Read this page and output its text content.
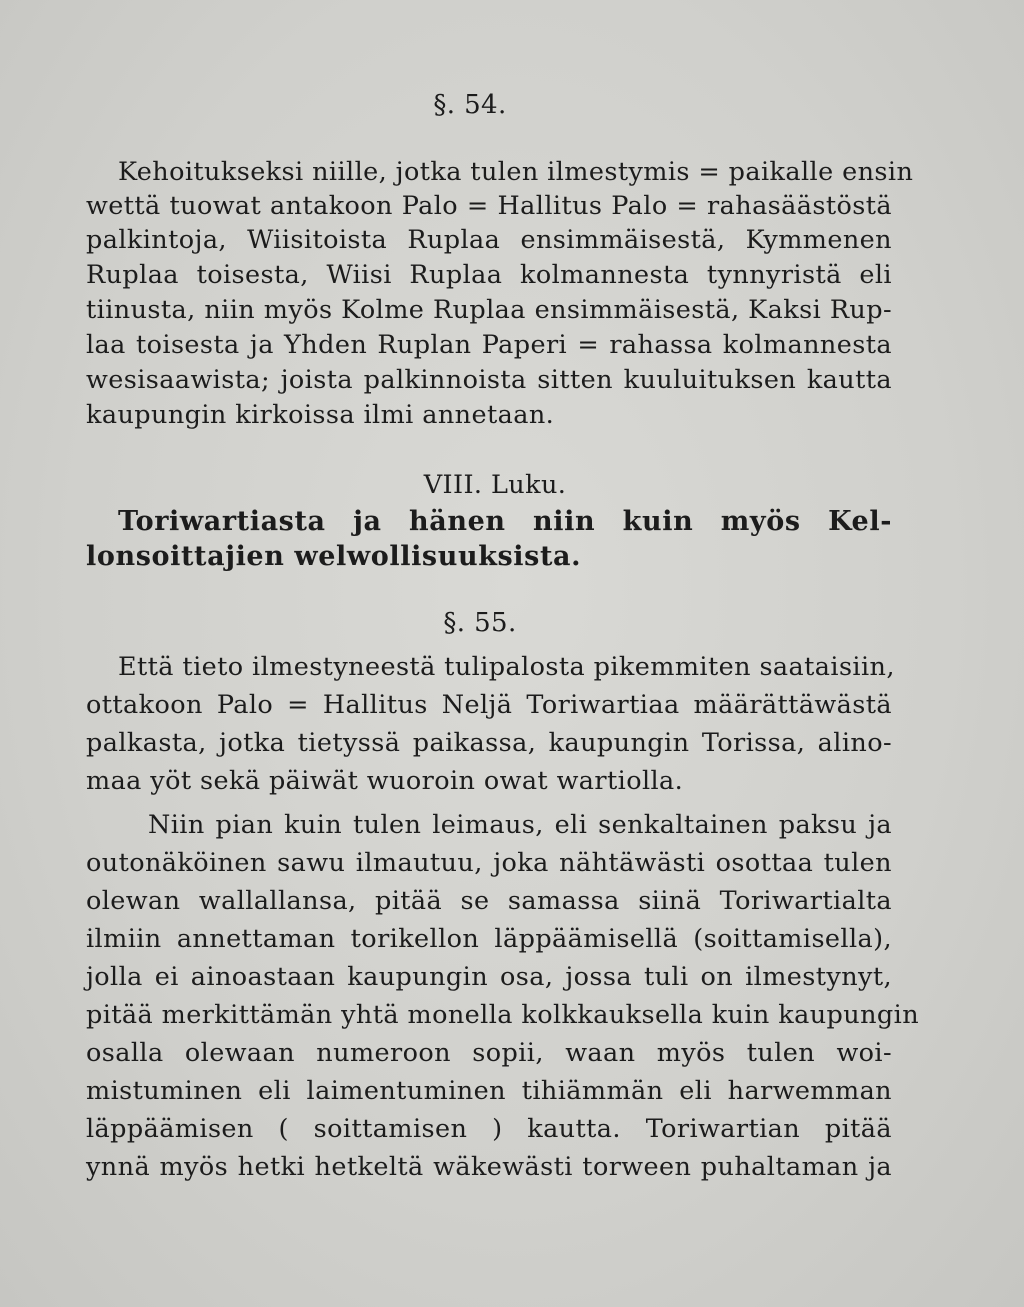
§. 54.
Kehoitukseksi niille, jotka tulen ilmestymis = paikalle ensin
wettä tuowat antakoon Palo = Hallitus Palo = rahasäästöstä
palkintoja, Wiisitoista Ruplaa ensimmäisestä, Kymmenen
Ruplaa toisesta, Wiisi Ruplaa kolmannesta tynnyristä eli
tiinusta, niin myös Kolme Ruplaa ensimmäisestä, Kaksi Rup-
laa toisesta ja Yhden Ruplan Paperi = rahassa kolmannesta
wesisaawista; joista palkinnoista sitten kuuluituksen kautta
kaupungin kirkoissa ilmi annetaan.
VIII. Luku.
Toriwartiasta ja hänen niin kuin myös Kel-
lonsoittajien welwollisuuksista.
§. 55.
Että tieto ilmestyneestä tulipalosta pikemmiten saataisiin,
ottakoon Palo = Hallitus Neljä Toriwartiaa määrättäwästä
palkasta, jotka tietyssä paikassa, kaupungin Torissa, alino-
maa yöt sekä päiwät wuoroin owat wartiolla.
Niin pian kuin tulen leimaus, eli senkaltainen paksu ja
outonäköinen sawu ilmautuu, joka nähtäwästi osottaa tulen
olewan wallallansa, pitää se samassa siinä Toriwartialta
ilmiin annettaman torikellon läppäämisellä (soittamisella),
jolla ei ainoastaan kaupungin osa, jossa tuli on ilmestynyt,
pitää merkittämän yhtä monella kolkkauksella kuin kaupungin
osalla olewaan numeroon sopii, waan myös tulen woi-
mistuminen eli laimentuminen tihiämmän eli harwemman
läppäämisen ( soittamisen ) kautta. Toriwartian pitää
ynnä myös hetki hetkeltä wäkewästi torween puhaltaman ja
